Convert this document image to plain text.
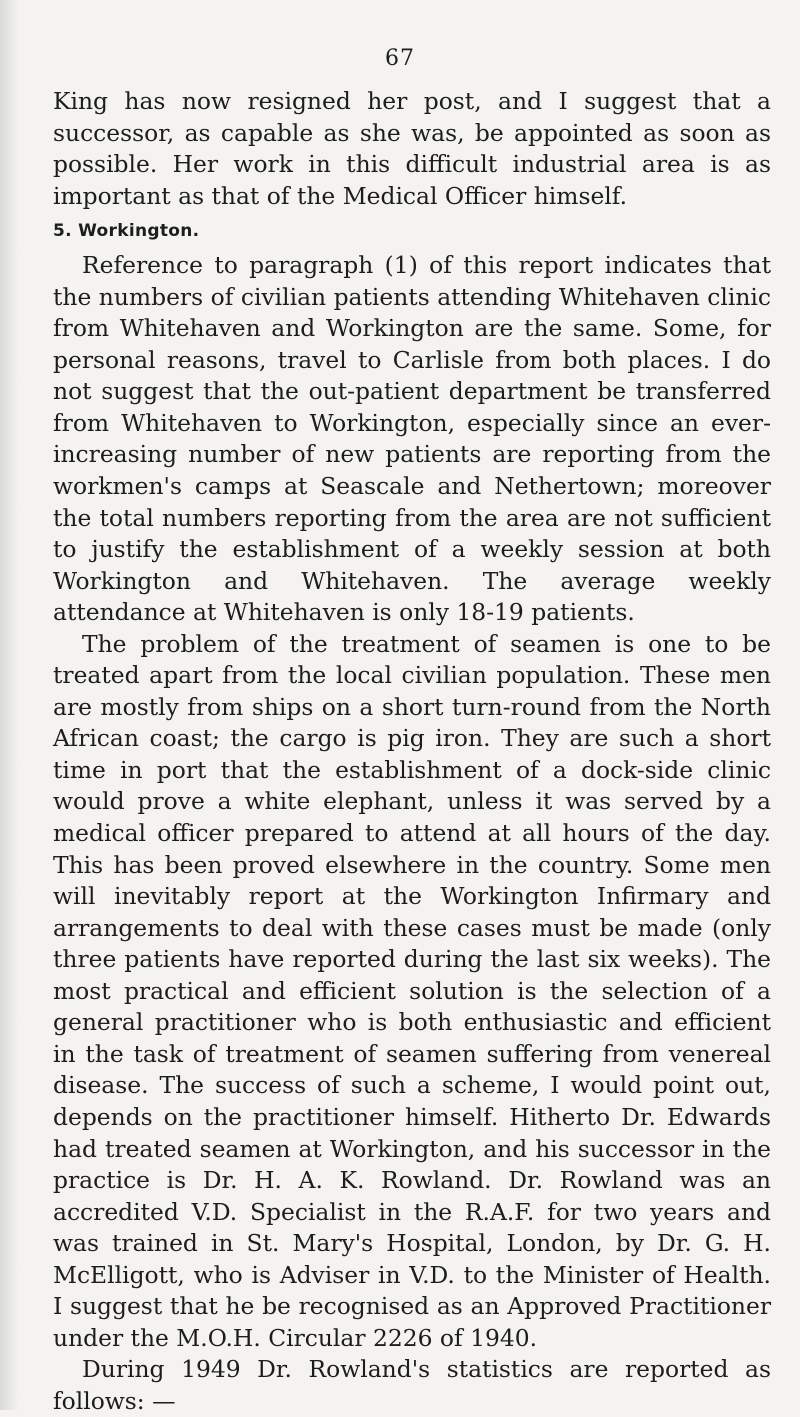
67

King has now resigned her post, and I suggest that a successor, as capable as she was, be appointed as soon as possible. Her work in this difficult industrial area is as important as that of the Medical Officer himself.

5. Workington.

Reference to paragraph (1) of this report indicates that the numbers of civilian patients attending Whitehaven clinic from Whitehaven and Workington are the same. Some, for personal reasons, travel to Carlisle from both places. I do not suggest that the out-patient department be transferred from Whitehaven to Workington, especially since an ever-increasing number of new patients are reporting from the workmen's camps at Seascale and Nethertown; moreover the total numbers reporting from the area are not sufficient to justify the establishment of a weekly session at both Workington and Whitehaven. The average weekly attendance at Whitehaven is only 18-19 patients.

The problem of the treatment of seamen is one to be treated apart from the local civilian population. These men are mostly from ships on a short turn-round from the North African coast; the cargo is pig iron. They are such a short time in port that the establishment of a dock-side clinic would prove a white elephant, unless it was served by a medical officer prepared to attend at all hours of the day. This has been proved elsewhere in the country. Some men will inevitably report at the Workington Infirmary and arrangements to deal with these cases must be made (only three patients have reported during the last six weeks). The most practical and efficient solution is the selection of a general practitioner who is both enthusiastic and efficient in the task of treatment of seamen suffering from venereal disease. The success of such a scheme, I would point out, depends on the practitioner himself. Hitherto Dr. Edwards had treated seamen at Workington, and his successor in the practice is Dr. H. A. K. Rowland. Dr. Rowland was an accredited V.D. Specialist in the R.A.F. for two years and was trained in St. Mary's Hospital, London, by Dr. G. H. McElligott, who is Adviser in V.D. to the Minister of Health. I suggest that he be recognised as an Approved Practitioner under the M.O.H. Circular 2226 of 1940.

During 1949 Dr. Rowland's statistics are reported as follows: —
